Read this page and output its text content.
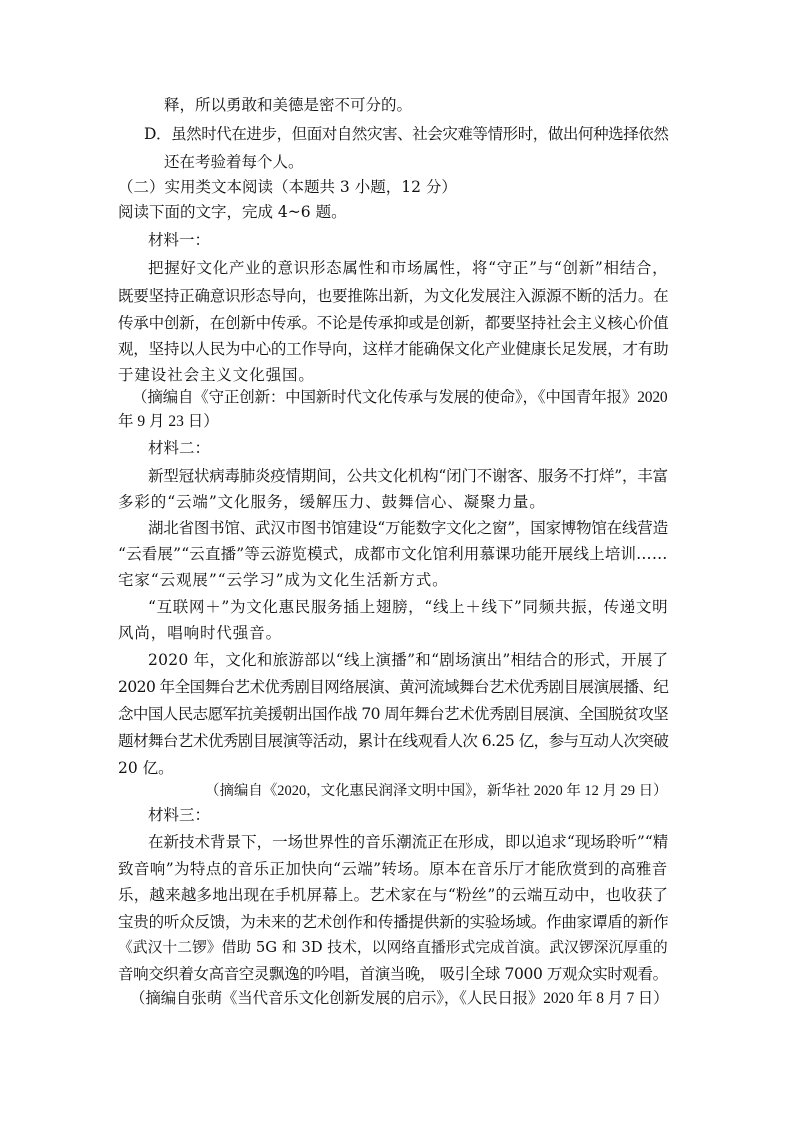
释，所以勇敢和美德是密不可分的。
D．虽然时代在进步，但面对自然灾害、社会灾难等情形时，做出何种选择依然
还在考验着每个人。
（二）实用类文本阅读（本题共 3 小题，12 分）
阅读下面的文字，完成 4~6 题。
材料一：
把握好文化产业的意识形态属性和市场属性，将“守正”与“创新”相结合，
既要坚持正确意识形态导向，也要推陈出新，为文化发展注入源源不断的活力。在
传承中创新，在创新中传承。不论是传承抑或是创新，都要坚持社会主义核心价值
观，坚持以人民为中心的工作导向，这样才能确保文化产业健康长足发展，才有助
于建设社会主义文化强国。
（摘编自《守正创新：中国新时代文化传承与发展的使命》，《中国青年报》2020
年 9 月 23 日）
材料二：
新型冠状病毒肺炎疫情期间，公共文化机构“闭门不谢客、服务不打烊”，丰富
多彩的“云端”文化服务，缓解压力、鼓舞信心、凝聚力量。
湖北省图书馆、武汉市图书馆建设“万能数字文化之窗”，国家博物馆在线营造
“云看展”“云直播”等云游览模式，成都市文化馆利用慕课功能开展线上培训……
宅家“云观展”“云学习”成为文化生活新方式。
“互联网＋”为文化惠民服务插上翅膀，“线上＋线下”同频共振，传递文明
风尚，唱响时代强音。
2020 年，文化和旅游部以“线上演播”和“剧场演出”相结合的形式，开展了
2020 年全国舞台艺术优秀剧目网络展演、黄河流域舞台艺术优秀剧目展演展播、纪
念中国人民志愿军抗美援朝出国作战 70 周年舞台艺术优秀剧目展演、全国脱贫攻坚
题材舞台艺术优秀剧目展演等活动，累计在线观看人次 6.25 亿，参与互动人次突破
20 亿。
（摘编自《2020，文化惠民润泽文明中国》，新华社 2020 年 12 月 29 日）
材料三：
在新技术背景下，一场世界性的音乐潮流正在形成，即以追求“现场聆听”“精
致音响”为特点的音乐正加快向“云端”转场。原本在音乐厅才能欣赏到的高雅音
乐，越来越多地出现在手机屏幕上。艺术家在与“粉丝”的云端互动中，也收获了
宝贵的听众反馈，为未来的艺术创作和传播提供新的实验场域。作曲家谭盾的新作
《武汉十二锣》借助 5G 和 3D 技术，以网络直播形式完成首演。武汉锣深沉厚重的
音响交织着女高音空灵飘逸的吟唱，首演当晚， 吸引全球 7000 万观众实时观看。
（摘编自张萌《当代音乐文化创新发展的启示》，《人民日报》2020 年 8 月 7 日）
